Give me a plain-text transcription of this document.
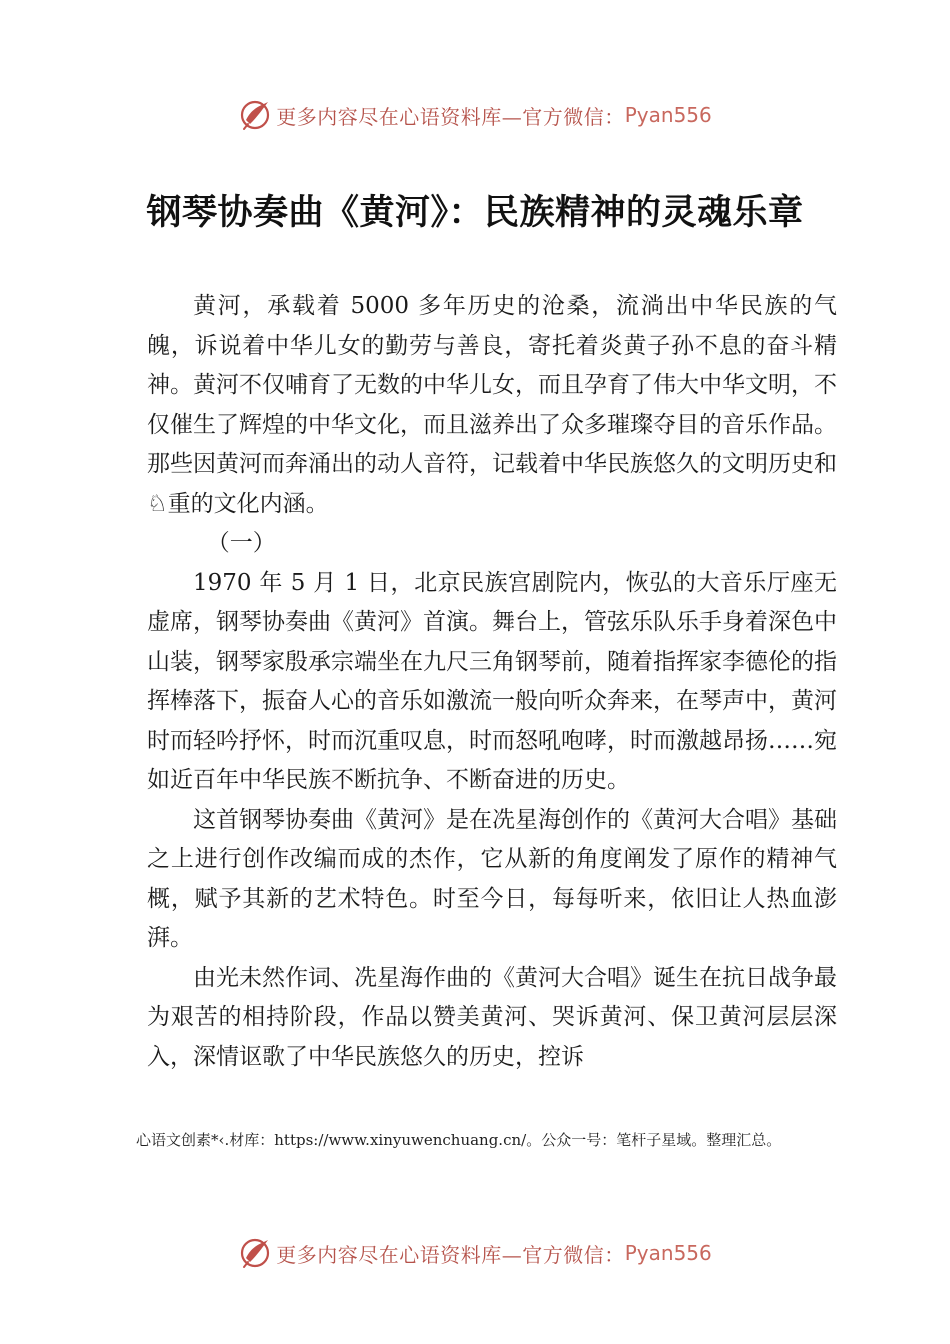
更多内容尽在心语资料库—官方微信： Pyan556
钢琴协奏曲《黄河》：民族精神的灵魂乐章

黄河，承载着 5000 多年历史的沧桑，流淌出中华民族的气魄，诉说着中华儿女的勤劳与善良，寄托着炎黄子孙不息的奋斗精神。黄河不仅哺育了无数的中华儿女，而且孕育了伟大中华文明，不仅催生了辉煌的中华文化，而且滋养出了众多璀璨夺目的音乐作品。那些因黄河而奔涌出的动人音符，记载着中华民族悠久的文明历史和♘重的文化内涵。

（一）

1970 年 5 月 1 日，北京民族宫剧院内，恢弘的大音乐厅座无虚席，钢琴协奏曲《黄河》首演。舞台上，管弦乐队乐手身着深色中山装，钢琴家殷承宗端坐在九尺三角钢琴前，随着指挥家李德伦的指挥棒落下，振奋人心的音乐如激流一般向听众奔来，在琴声中，黄河时而轻吟抒怀，时而沉重叹息，时而怒吼咆哮，时而激越昂扬……宛如近百年中华民族不断抗争、不断奋进的历史。

这首钢琴协奏曲《黄河》是在冼星海创作的《黄河大合唱》基础之上进行创作改编而成的杰作，它从新的角度阐发了原作的精神气概，赋予其新的艺术特色。时至今日，每每听来，依旧让人热血澎湃。

由光未然作词、冼星海作曲的《黄河大合唱》诞生在抗日战争最为艰苦的相持阶段，作品以赞美黄河、哭诉黄河、保卫黄河层层深入，深情讴歌了中华民族悠久的历史，控诉

心语文创素*‹.材库：https://www.xinyuwenchuang.cn/。公众一号：笔杆子星域。整理汇总。
更多内容尽在心语资料库—官方微信： Pyan556
